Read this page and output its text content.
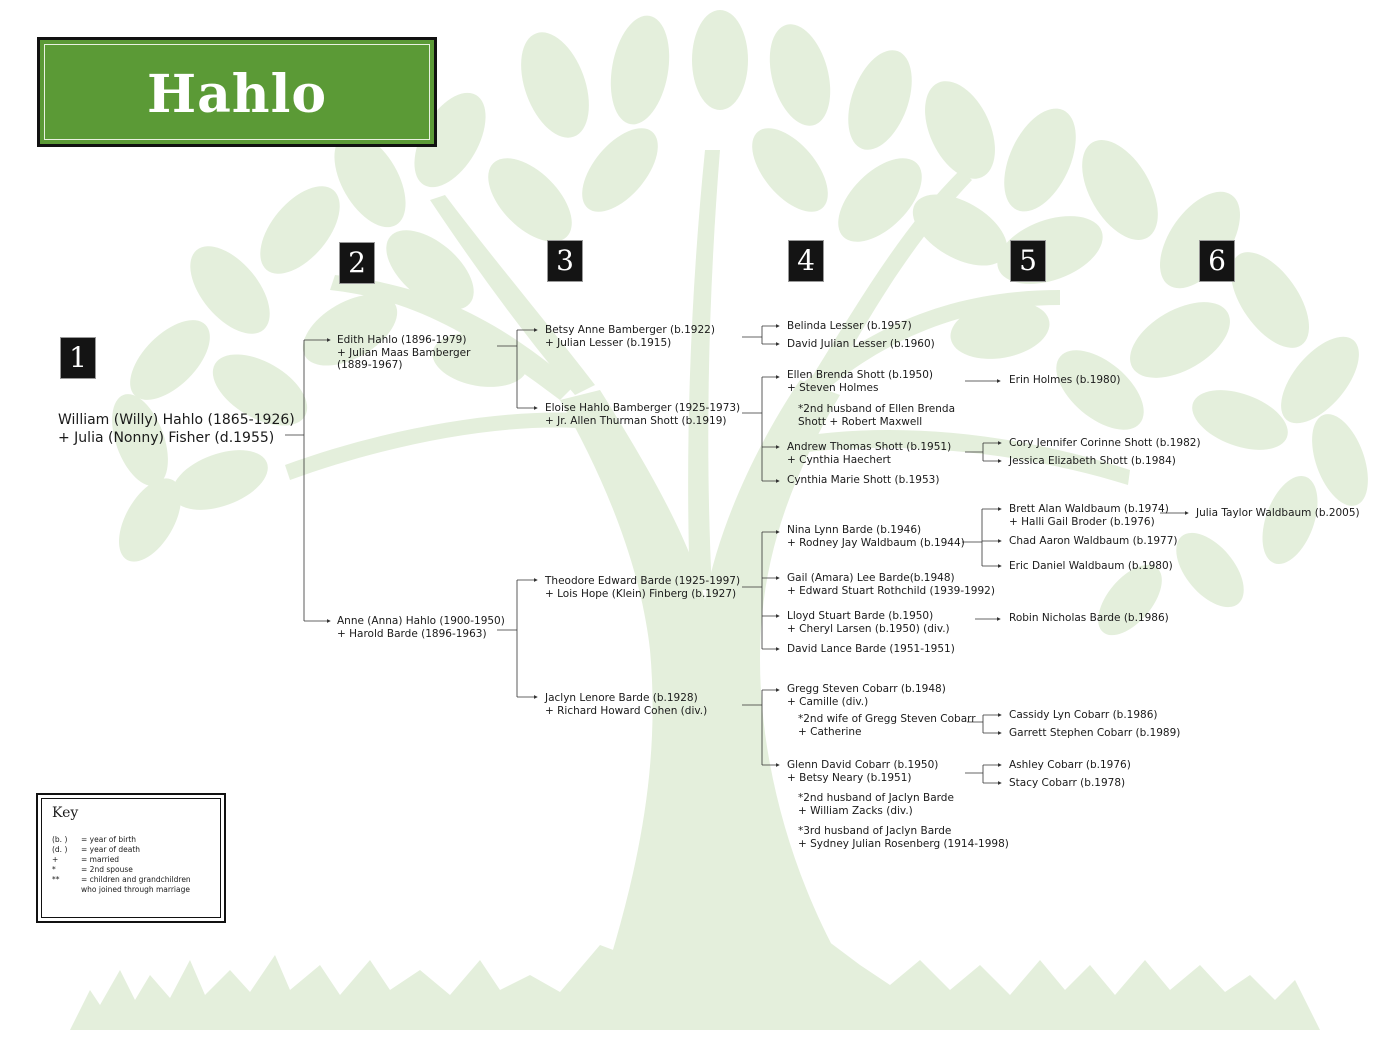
Hahlo
1
2	3	4	5	6
William (Willy) Hahlo (1865-1926)
+ Julia (Nonny) Fisher (d.1955)
Edith Hahlo (1896-1979)
+ Julian Maas Bamberger
(1889-1967)
Anne (Anna) Hahlo (1900-1950)
+ Harold Barde (1896-1963)
Betsy Anne Bamberger (b.1922)
+ Julian Lesser (b.1915)
Eloise Hahlo Bamberger (1925-1973)
+ Jr. Allen Thurman Shott (b.1919)
Theodore Edward Barde (1925-1997)
+ Lois Hope (Klein) Finberg (b.1927)
Jaclyn Lenore Barde (b.1928)
+ Richard Howard Cohen (div.)
Belinda Lesser (b.1957)
David Julian Lesser (b.1960)
Ellen Brenda Shott (b.1950)
+ Steven Holmes
*2nd husband of Ellen Brenda
Shott + Robert Maxwell
Andrew Thomas Shott (b.1951)
+ Cynthia Haechert
Cynthia Marie Shott (b.1953)
Nina Lynn Barde (b.1946)
+ Rodney Jay Waldbaum (b.1944)
Gail (Amara) Lee Barde(b.1948)
+ Edward Stuart Rothchild (1939-1992)
Lloyd Stuart Barde (b.1950)
+ Cheryl Larsen (b.1950) (div.)
David Lance Barde (1951-1951)
Gregg Steven Cobarr (b.1948)
+ Camille (div.)
*2nd wife of Gregg Steven Cobarr
+ Catherine
Glenn David Cobarr (b.1950)
+ Betsy Neary (b.1951)
*2nd husband of Jaclyn Barde
+ William Zacks (div.)
*3rd husband of Jaclyn Barde
+ Sydney Julian Rosenberg (1914-1998)
Erin Holmes (b.1980)
Cory Jennifer Corinne Shott (b.1982)
Jessica Elizabeth Shott (b.1984)
Brett Alan Waldbaum (b.1974)
+ Halli Gail Broder (b.1976)
Chad Aaron Waldbaum (b.1977)
Eric Daniel Waldbaum (b.1980)
Robin Nicholas Barde (b.1986)
Cassidy Lyn Cobarr (b.1986)
Garrett Stephen Cobarr (b.1989)
Ashley Cobarr (b.1976)
Stacy Cobarr (b.1978)
Julia Taylor Waldbaum (b.2005)
Key
(b. )	= year of birth
(d. )	= year of death
+	= married
*	= 2nd spouse
**	= children and grandchildren
who joined through marriage
